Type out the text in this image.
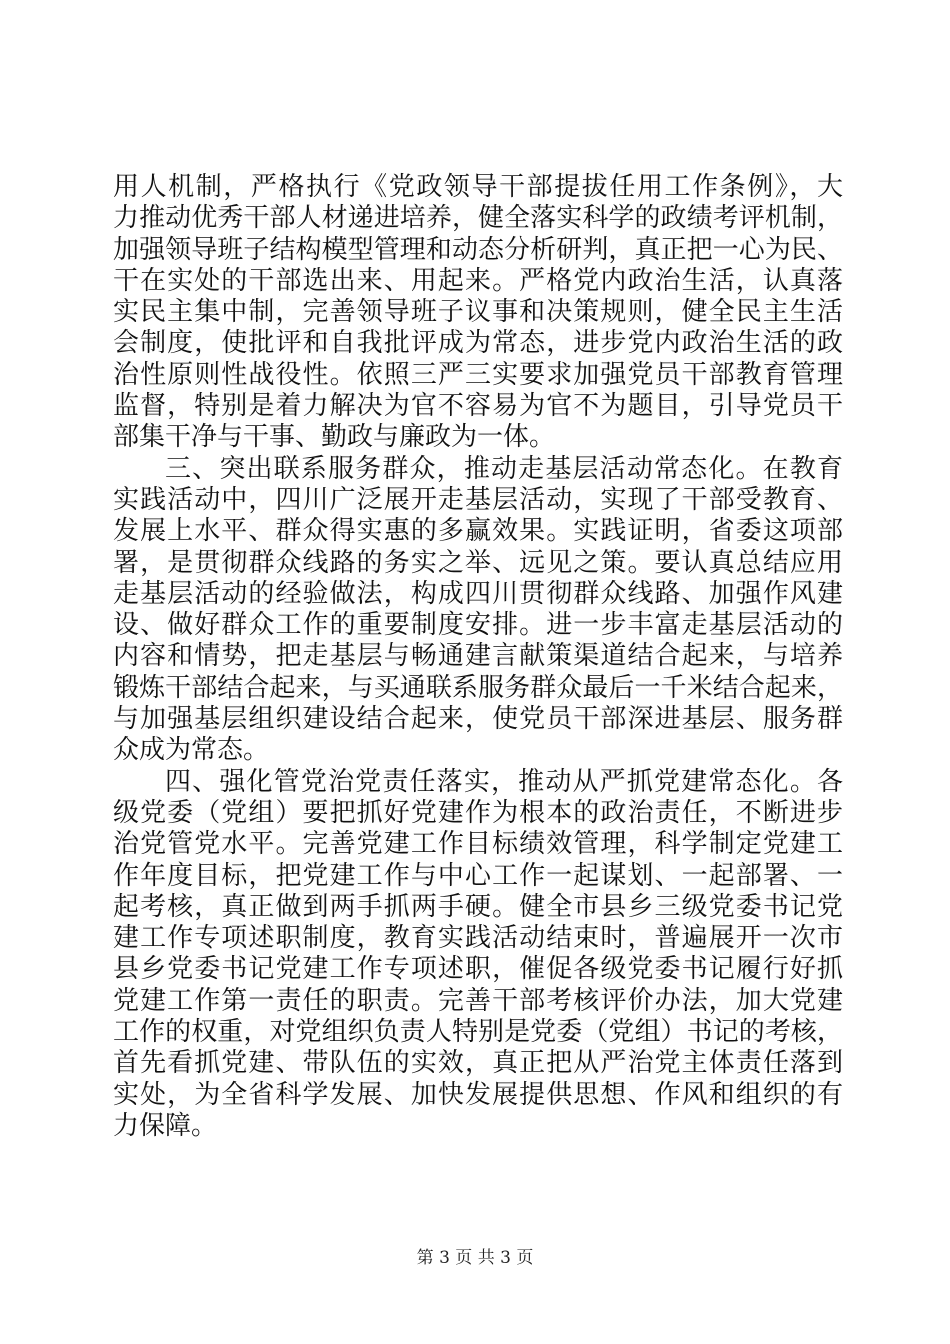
用人机制，严格执行《党政领导干部提拔任用工作条例》，大
力推动优秀干部人材递进培养，健全落实科学的政绩考评机制，
加强领导班子结构模型管理和动态分析研判，真正把一心为民、
干在实处的干部选出来、用起来。严格党内政治生活，认真落
实民主集中制，完善领导班子议事和决策规则，健全民主生活
会制度，使批评和自我批评成为常态，进步党内政治生活的政
治性原则性战役性。依照三严三实要求加强党员干部教育管理
监督，特别是着力解决为官不容易为官不为题目，引导党员干
部集干净与干事、勤政与廉政为一体。
三、突出联系服务群众，推动走基层活动常态化。在教育
实践活动中，四川广泛展开走基层活动，实现了干部受教育、
发展上水平、群众得实惠的多赢效果。实践证明，省委这项部
署，是贯彻群众线路的务实之举、远见之策。要认真总结应用
走基层活动的经验做法，构成四川贯彻群众线路、加强作风建
设、做好群众工作的重要制度安排。进一步丰富走基层活动的
内容和情势，把走基层与畅通建言献策渠道结合起来，与培养
锻炼干部结合起来，与买通联系服务群众最后一千米结合起来，
与加强基层组织建设结合起来，使党员干部深进基层、服务群
众成为常态。
四、强化管党治党责任落实，推动从严抓党建常态化。各
级党委（党组）要把抓好党建作为根本的政治责任，不断进步
治党管党水平。完善党建工作目标绩效管理，科学制定党建工
作年度目标，把党建工作与中心工作一起谋划、一起部署、一
起考核，真正做到两手抓两手硬。健全市县乡三级党委书记党
建工作专项述职制度，教育实践活动结束时，普遍展开一次市
县乡党委书记党建工作专项述职，催促各级党委书记履行好抓
党建工作第一责任的职责。完善干部考核评价办法，加大党建
工作的权重，对党组织负责人特别是党委（党组）书记的考核，
首先看抓党建、带队伍的实效，真正把从严治党主体责任落到
实处，为全省科学发展、加快发展提供思想、作风和组织的有
力保障。
第 3 页 共 3 页
